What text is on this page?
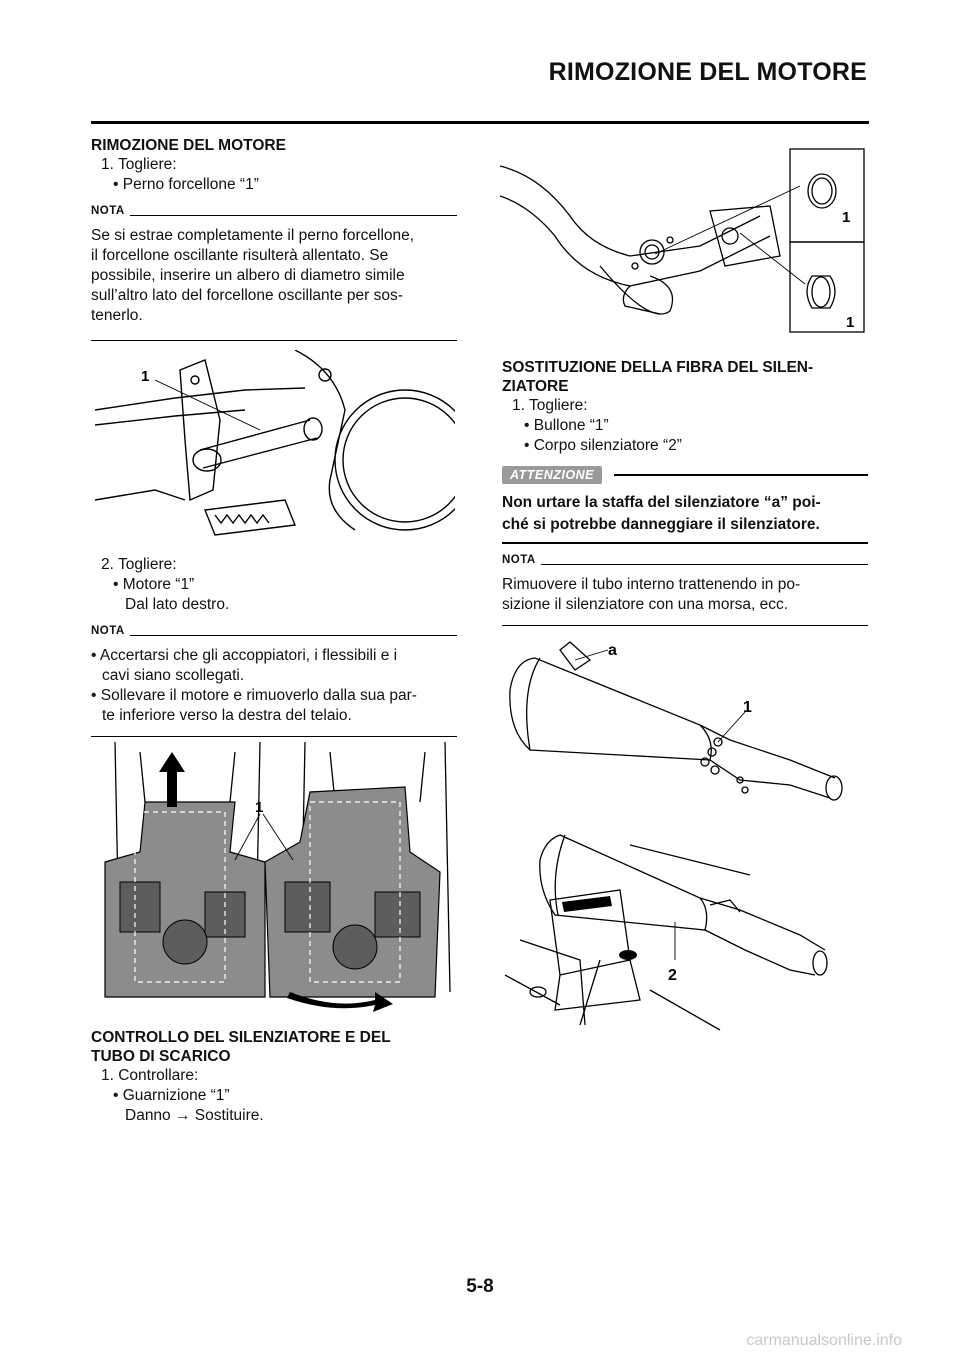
RIMOZIONE DEL MOTORE
RIMOZIONE DEL MOTORE
1. Togliere:
• Perno forcellone “1”
NOTA
Se si estrae completamente il perno forcellone,
il forcellone oscillante risulterà allentato. Se
possibile, inserire un albero di diametro simile
sull’altro lato del forcellone oscillante per sos-
tenerlo.
1
2. Togliere:
• Motore “1”
Dal lato destro.
NOTA
• Accertarsi che gli accoppiatori, i flessibili e i
cavi siano scollegati.
• Sollevare il motore e rimuoverlo dalla sua par-
te inferiore verso la destra del telaio.
1
CONTROLLO DEL SILENZIATORE E DEL
TUBO DI SCARICO
1. Controllare:
• Guarnizione “1”
Danno → Sostituire.
1
1
SOSTITUZIONE DELLA FIBRA DEL SILEN-
ZIATORE
1. Togliere:
• Bullone “1”
• Corpo silenziatore “2”
ATTENZIONE
Non urtare la staffa del silenziatore “a” poi-
ché si potrebbe danneggiare il silenziatore.
NOTA
Rimuovere il tubo interno trattenendo in po-
sizione il silenziatore con una morsa, ecc.
a
1
2
5-8
carmanualsonline.info
